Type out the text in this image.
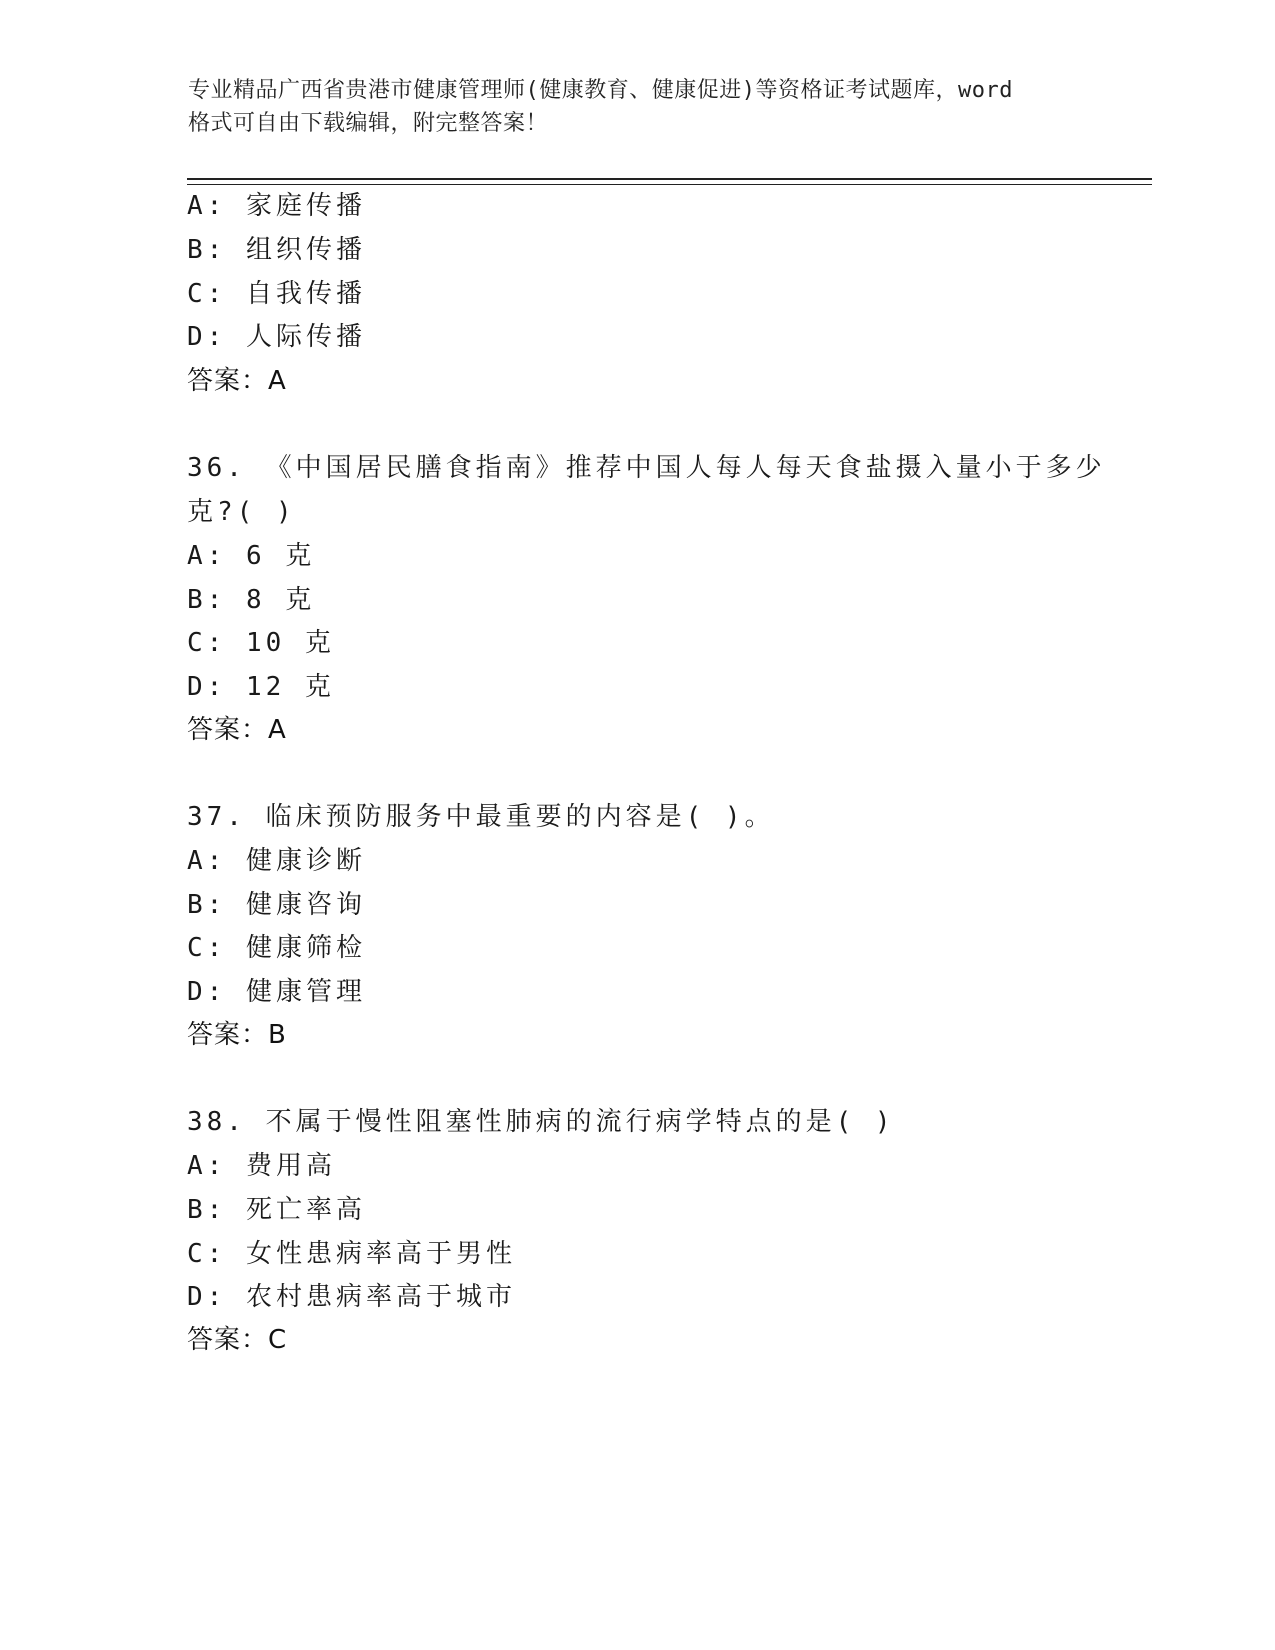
专业精品广西省贵港市健康管理师(健康教育、健康促进)等资格证考试题库，word
格式可自由下载编辑，附完整答案！
A: 家庭传播
B: 组织传播
C: 自我传播
D: 人际传播
答案：A
36. 《中国居民膳食指南》推荐中国人每人每天食盐摄入量小于多少
克?( )
A: 6 克
B: 8 克
C: 10 克
D: 12 克
答案：A
37. 临床预防服务中最重要的内容是( )。
A: 健康诊断
B: 健康咨询
C: 健康筛检
D: 健康管理
答案：B
38. 不属于慢性阻塞性肺病的流行病学特点的是( )
A: 费用高
B: 死亡率高
C: 女性患病率高于男性
D: 农村患病率高于城市
答案：C
